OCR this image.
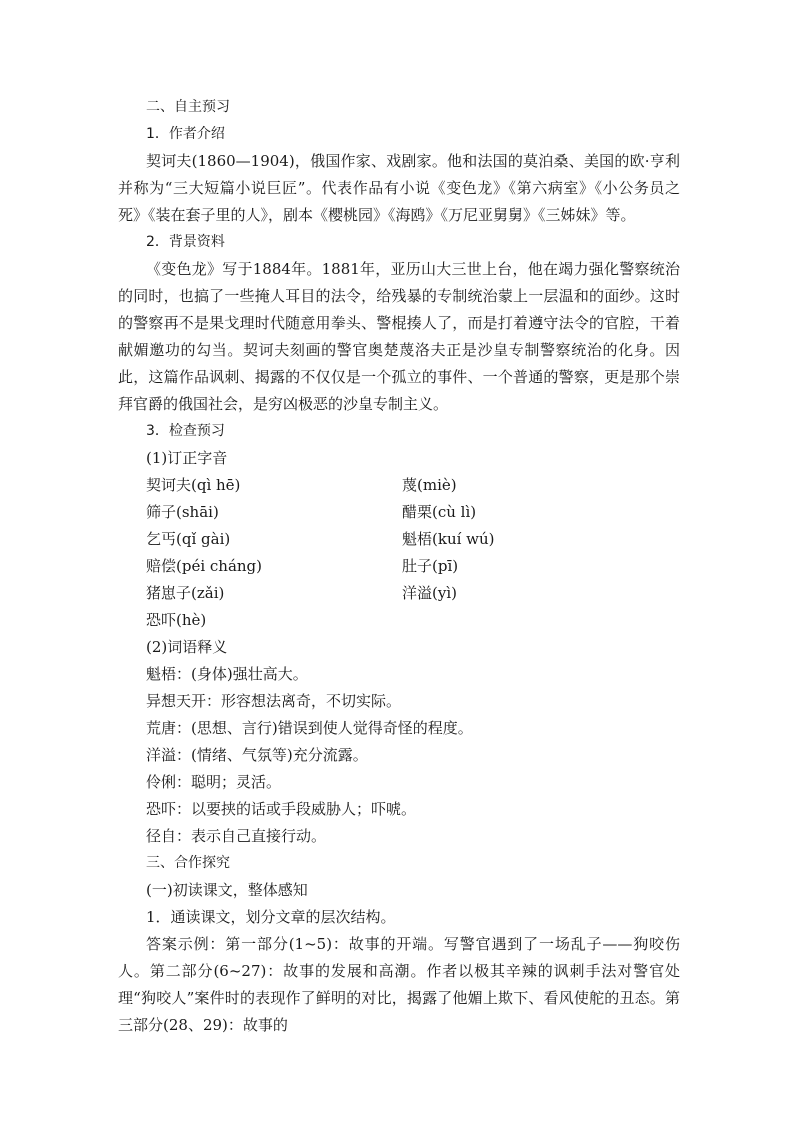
二、自主预习
1．作者介绍

契诃夫(1860—1904)，俄国作家、戏剧家。他和法国的莫泊桑、美国的欧·亨利并称为“三大短篇小说巨匠”。代表作品有小说《变色龙》《第六病室》《小公务员之死》《装在套子里的人》，剧本《樱桃园》《海鸥》《万尼亚舅舅》《三姊妹》等。

2．背景资料

《变色龙》写于1884年。1881年，亚历山大三世上台，他在竭力强化警察统治的同时，也搞了一些掩人耳目的法令，给残暴的专制统治蒙上一层温和的面纱。这时的警察再不是果戈理时代随意用拳头、警棍揍人了，而是打着遵守法令的官腔，干着献媚邀功的勾当。契诃夫刻画的警官奥楚蔑洛夫正是沙皇专制警察统治的化身。因此，这篇作品讽刺、揭露的不仅仅是一个孤立的事件、一个普通的警察，更是那个崇拜官爵的俄国社会，是穷凶极恶的沙皇专制主义。

3．检查预习
(1)订正字音
契诃夫(qì hē)	蔑(miè)
筛子(shāi)	醋栗(cù lì)
乞丐(qǐ gài)	魁梧(kuí wú)
赔偿(péi cháng)	肚子(pī)
猪崽子(zǎi)	洋溢(yì)
恐吓(hè)
(2)词语释义
魁梧：(身体)强壮高大。
异想天开：形容想法离奇，不切实际。
荒唐：(思想、言行)错误到使人觉得奇怪的程度。
洋溢：(情绪、气氛等)充分流露。
伶俐：聪明；灵活。
恐吓：以要挟的话或手段威胁人；吓唬。
径自：表示自己直接行动。
三、合作探究
(一)初读课文，整体感知
1．通读课文，划分文章的层次结构。

答案示例：第一部分(1~5)：故事的开端。写警官遇到了一场乱子——狗咬伤人。第二部分(6~27)：故事的发展和高潮。作者以极其辛辣的讽刺手法对警官处理“狗咬人”案件时的表现作了鲜明的对比，揭露了他媚上欺下、看风使舵的丑态。第三部分(28、29)：故事的
